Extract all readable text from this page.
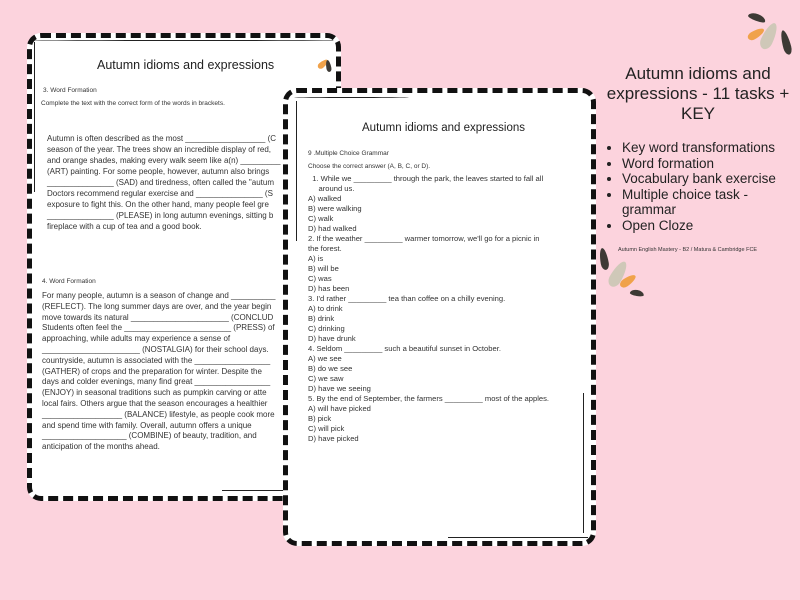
Autumn idioms and expressions
3. Word Formation
Complete the text with the correct form of the words in brackets.
Autumn is often described as the most __________________ (C
season of the year. The trees show an incredible display of red,
and orange shades, making every walk seem like a(n) _________
(ART) painting. For some people, however, autumn also brings
_______________ (SAD) and tiredness, often called the "autum
Doctors recommend regular exercise and _______________ (S
exposure to fight this. On the other hand, many people feel gre
_______________ (PLEASE) in long autumn evenings, sitting b
fireplace with a cup of tea and a good book.
4. Word Formation
For many people, autumn is a season of change and __________
(REFLECT). The long summer days are over, and the year begin
move towards its natural ______________________ (CONCLUD
Students often feel the ________________________ (PRESS) of
approaching, while adults may experience a sense of
______________________ (NOSTALGIA) for their school days.
countryside, autumn is associated with the _________________
(GATHER) of crops and the preparation for winter. Despite the
days and colder evenings, many find great _________________
(ENJOY) in seasonal traditions such as pumpkin carving or atte
local fairs. Others argue that the season encourages a healthier
__________________ (BALANCE) lifestyle, as people cook more
and spend time with family. Overall, autumn offers a unique
___________________ (COMBINE) of beauty, tradition, and
anticipation of the months ahead.
Autumn idioms and expressions
9 .Multiple Choice Grammar
Choose the correct answer (A, B, C, or D).
1. While we _________ through the park, the leaves started to fall all
around us.
A) walked
B) were walking
C) walk
D) had walked
2. If the weather _________ warmer tomorrow, we'll go for a picnic in
the forest.
A) is
B) will be
C) was
D) has been
3. I'd rather _________ tea than coffee on a chilly evening.
A) to drink
B) drink
C) drinking
D) have drunk
4. Seldom _________ such a beautiful sunset in October.
A) we see
B) do we see
C) we saw
D) have we seeing
5. By the end of September, the farmers _________ most of the apples.
A) will have picked
B) pick
C) will pick
D) have picked
Autumn idioms and expressions - 11 tasks + KEY
• Key word transformations
• Word formation
• Vocabulary bank exercise
• Multiple choice task - grammar
• Open Cloze
Autumn English Mastery - B2 / Matura & Cambridge FCE
